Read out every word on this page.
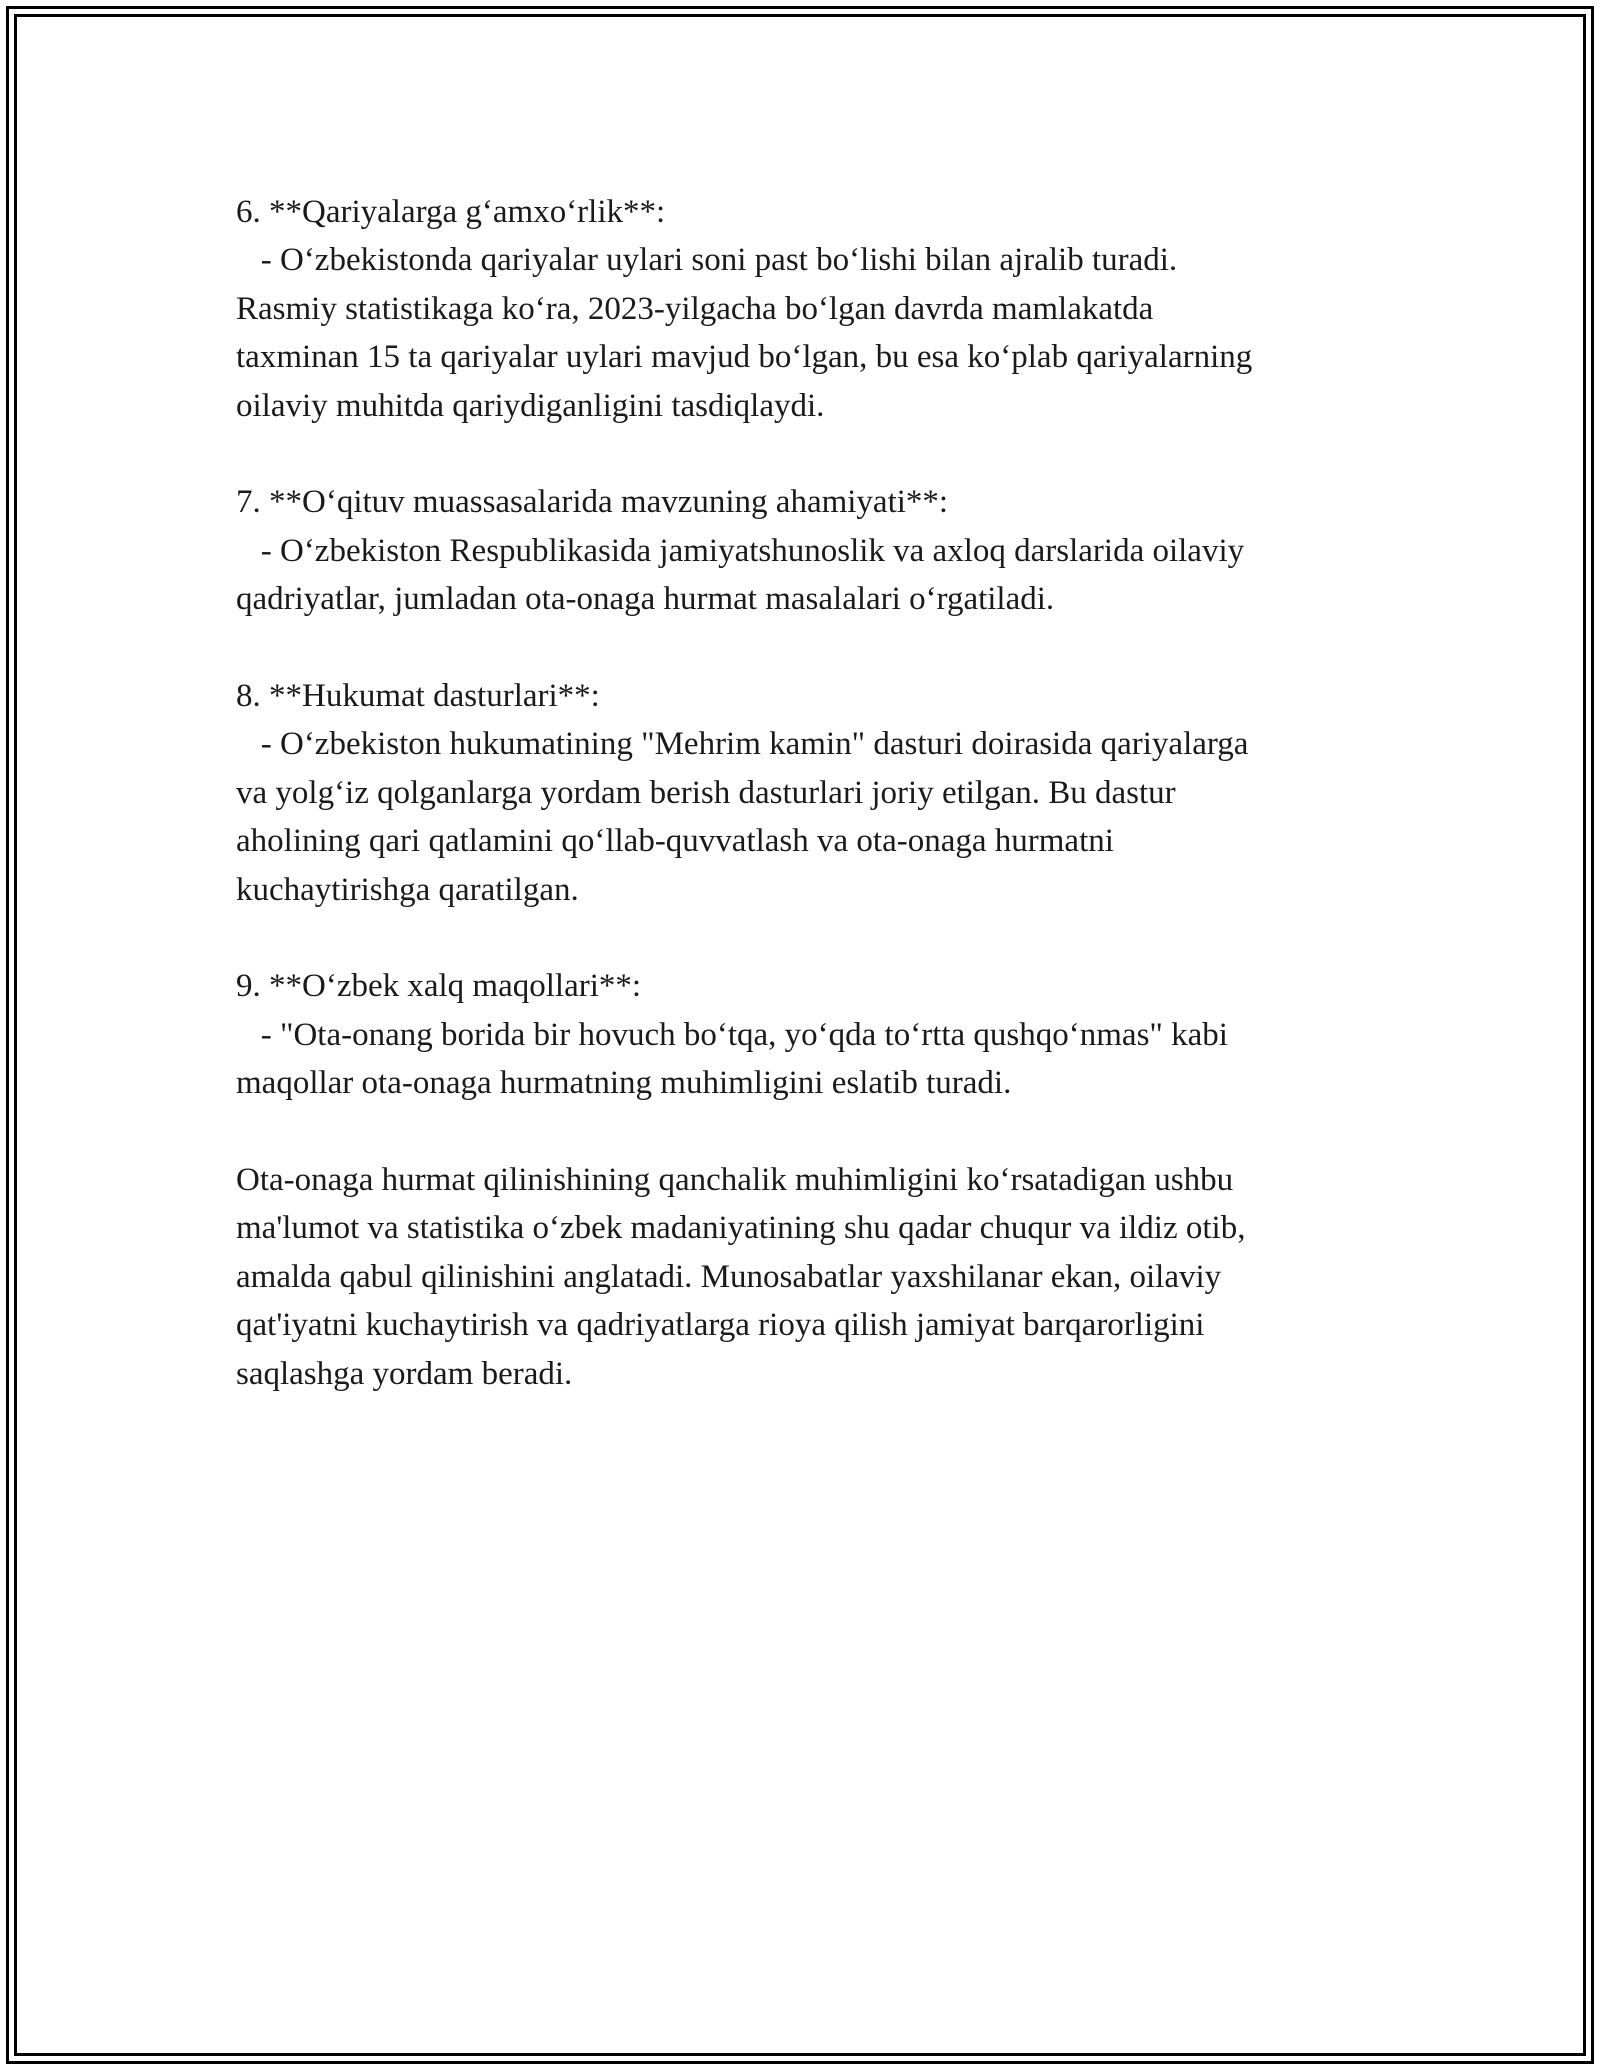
6. **Qariyalarga g‘amxo‘rlik**:
- O‘zbekistonda qariyalar uylari soni past bo‘lishi bilan ajralib turadi.
Rasmiy statistikaga ko‘ra, 2023-yilgacha bo‘lgan davrda mamlakatda
taxminan 15 ta qariyalar uylari mavjud bo‘lgan, bu esa ko‘plab qariyalarning
oilaviy muhitda qariydiganligini tasdiqlaydi.
7. **O‘qituv muassasalarida mavzuning ahamiyati**:
- O‘zbekiston Respublikasida jamiyatshunoslik va axloq darslarida oilaviy
qadriyatlar, jumladan ota-onaga hurmat masalalari o‘rgatiladi.
8. **Hukumat dasturlari**:
- O‘zbekiston hukumatining "Mehrim kamin" dasturi doirasida qariyalarga
va yolg‘iz qolganlarga yordam berish dasturlari joriy etilgan. Bu dastur
aholining qari qatlamini qo‘llab-quvvatlash va ota-onaga hurmatni
kuchaytirishga qaratilgan.
9. **O‘zbek xalq maqollari**:
- "Ota-onang borida bir hovuch bo‘tqa, yo‘qda to‘rtta qushqo‘nmas" kabi
maqollar ota-onaga hurmatning muhimligini eslatib turadi.
Ota-onaga hurmat qilinishining qanchalik muhimligini ko‘rsatadigan ushbu
ma'lumot va statistika o‘zbek madaniyatining shu qadar chuqur va ildiz otib,
amalda qabul qilinishini anglatadi. Munosabatlar yaxshilanar ekan, oilaviy
qat'iyatni kuchaytirish va qadriyatlarga rioya qilish jamiyat barqarorligini
saqlashga yordam beradi.
